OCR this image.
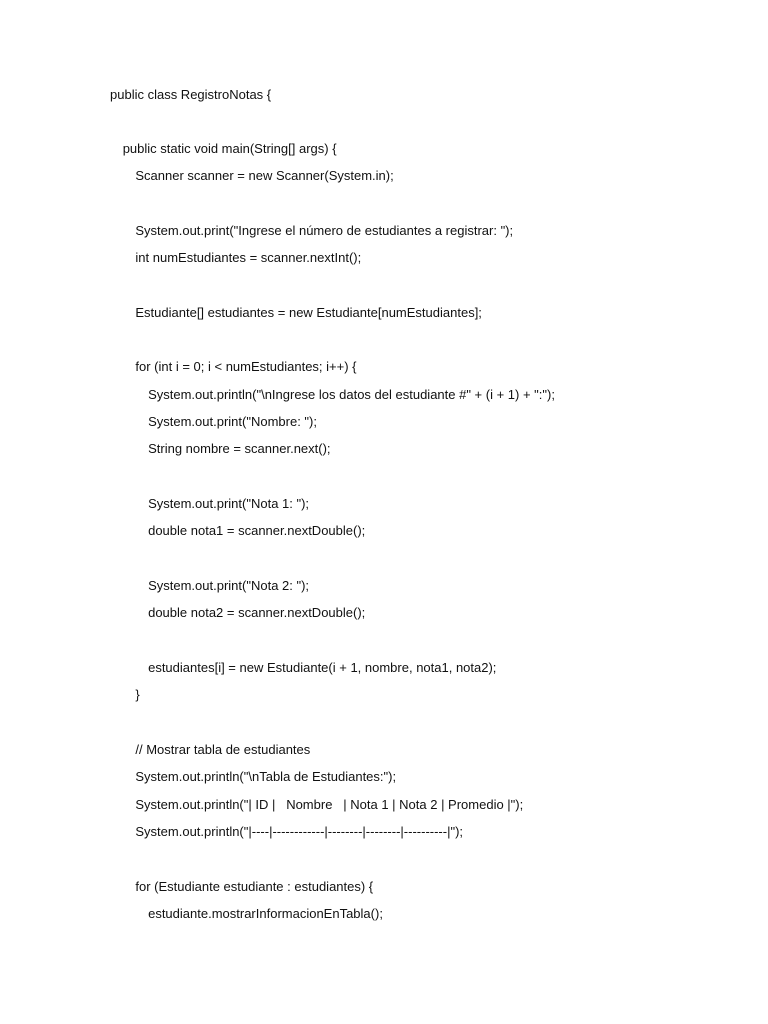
public class RegistroNotas {
public static void main(String[] args) {
Scanner scanner = new Scanner(System.in);
System.out.print("Ingrese el número de estudiantes a registrar: ");
int numEstudiantes = scanner.nextInt();
Estudiante[] estudiantes = new Estudiante[numEstudiantes];
for (int i = 0; i < numEstudiantes; i++) {
System.out.println("\nIngrese los datos del estudiante #" + (i + 1) + ":");
System.out.print("Nombre: ");
String nombre = scanner.next();
System.out.print("Nota 1: ");
double nota1 = scanner.nextDouble();
System.out.print("Nota 2: ");
double nota2 = scanner.nextDouble();
estudiantes[i] = new Estudiante(i + 1, nombre, nota1, nota2);
}
// Mostrar tabla de estudiantes
System.out.println("\nTabla de Estudiantes:");
System.out.println("| ID |   Nombre   | Nota 1 | Nota 2 | Promedio |");
System.out.println("|----|------------|--------|--------|----------|");
for (Estudiante estudiante : estudiantes) {
estudiante.mostrarInformacionEnTabla();
